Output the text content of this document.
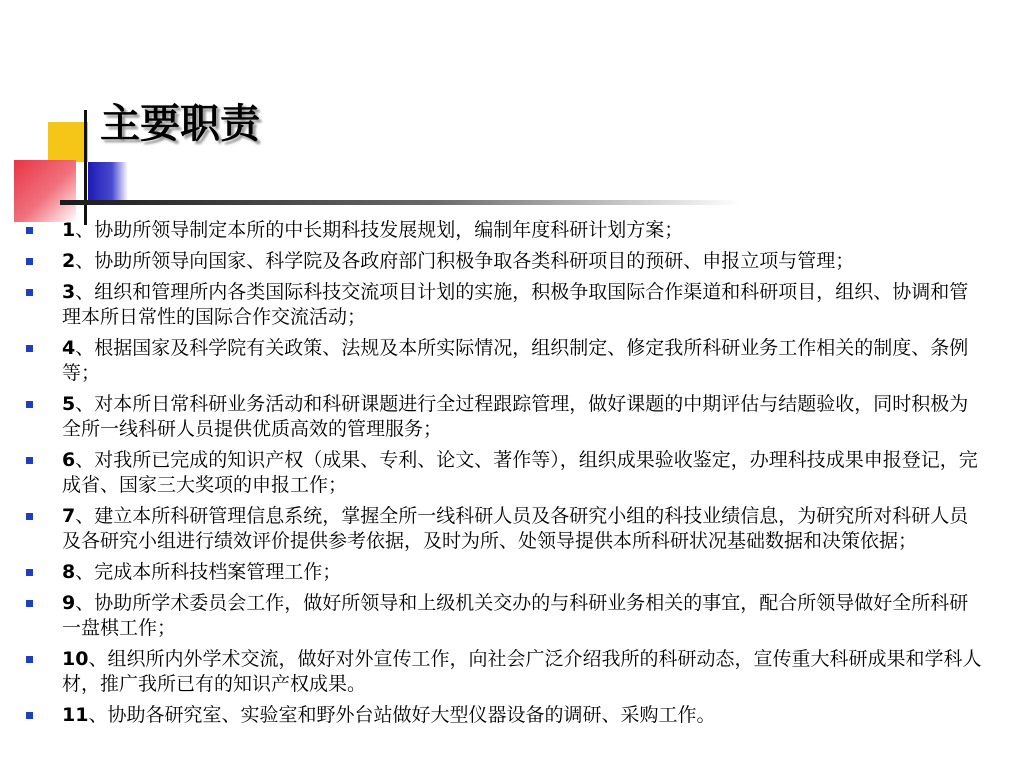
主要职责
1、协助所领导制定本所的中长期科技发展规划，编制年度科研计划方案；
2、协助所领导向国家、科学院及各政府部门积极争取各类科研项目的预研、申报立项与管理；
3、组织和管理所内各类国际科技交流项目计划的实施，积极争取国际合作渠道和科研项目，组织、协调和管理本所日常性的国际合作交流活动；
4、根据国家及科学院有关政策、法规及本所实际情况，组织制定、修定我所科研业务工作相关的制度、条例等；
5、对本所日常科研业务活动和科研课题进行全过程跟踪管理，做好课题的中期评估与结题验收，同时积极为全所一线科研人员提供优质高效的管理服务；
6、对我所已完成的知识产权（成果、专利、论文、著作等），组织成果验收鉴定，办理科技成果申报登记，完成省、国家三大奖项的申报工作；
7、建立本所科研管理信息系统，掌握全所一线科研人员及各研究小组的科技业绩信息，为研究所对科研人员及各研究小组进行绩效评价提供参考依据，及时为所、处领导提供本所科研状况基础数据和决策依据；
8、完成本所科技档案管理工作；
9、协助所学术委员会工作，做好所领导和上级机关交办的与科研业务相关的事宜，配合所领导做好全所科研一盘棋工作；
10、组织所内外学术交流，做好对外宣传工作，向社会广泛介绍我所的科研动态，宣传重大科研成果和学科人材，推广我所已有的知识产权成果。
11、协助各研究室、实验室和野外台站做好大型仪器设备的调研、采购工作。
